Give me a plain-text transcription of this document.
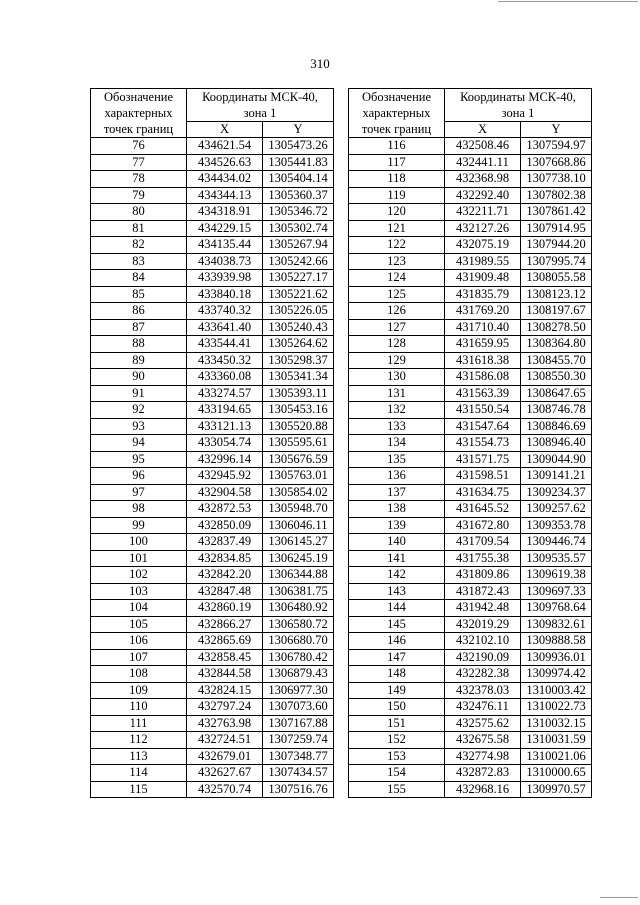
310
Обозначение
характерных
точек границ	Координаты МСК-40,
зона 1	
	X	Y
76	434621.54	1305473.26
77	434526.63	1305441.83
78	434434.02	1305404.14
79	434344.13	1305360.37
80	434318.91	1305346.72
81	434229.15	1305302.74
82	434135.44	1305267.94
83	434038.73	1305242.66
84	433939.98	1305227.17
85	433840.18	1305221.62
86	433740.32	1305226.05
87	433641.40	1305240.43
88	433544.41	1305264.62
89	433450.32	1305298.37
90	433360.08	1305341.34
91	433274.57	1305393.11
92	433194.65	1305453.16
93	433121.13	1305520.88
94	433054.74	1305595.61
95	432996.14	1305676.59
96	432945.92	1305763.01
97	432904.58	1305854.02
98	432872.53	1305948.70
99	432850.09	1306046.11
100	432837.49	1306145.27
101	432834.85	1306245.19
102	432842.20	1306344.88
103	432847.48	1306381.75
104	432860.19	1306480.92
105	432866.27	1306580.72
106	432865.69	1306680.70
107	432858.45	1306780.42
108	432844.58	1306879.43
109	432824.15	1306977.30
110	432797.24	1307073.60
111	432763.98	1307167.88
112	432724.51	1307259.74
113	432679.01	1307348.77
114	432627.67	1307434.57
115	432570.74	1307516.76
Обозначение
характерных
точек границ	Координаты МСК-40,
зона 1	
	X	Y
116	432508.46	1307594.97
117	432441.11	1307668.86
118	432368.98	1307738.10
119	432292.40	1307802.38
120	432211.71	1307861.42
121	432127.26	1307914.95
122	432075.19	1307944.20
123	431989.55	1307995.74
124	431909.48	1308055.58
125	431835.79	1308123.12
126	431769.20	1308197.67
127	431710.40	1308278.50
128	431659.95	1308364.80
129	431618.38	1308455.70
130	431586.08	1308550.30
131	431563.39	1308647.65
132	431550.54	1308746.78
133	431547.64	1308846.69
134	431554.73	1308946.40
135	431571.75	1309044.90
136	431598.51	1309141.21
137	431634.75	1309234.37
138	431645.52	1309257.62
139	431672.80	1309353.78
140	431709.54	1309446.74
141	431755.38	1309535.57
142	431809.86	1309619.38
143	431872.43	1309697.33
144	431942.48	1309768.64
145	432019.29	1309832.61
146	432102.10	1309888.58
147	432190.09	1309936.01
148	432282.38	1309974.42
149	432378.03	1310003.42
150	432476.11	1310022.73
151	432575.62	1310032.15
152	432675.58	1310031.59
153	432774.98	1310021.06
154	432872.83	1310000.65
155	432968.16	1309970.57
